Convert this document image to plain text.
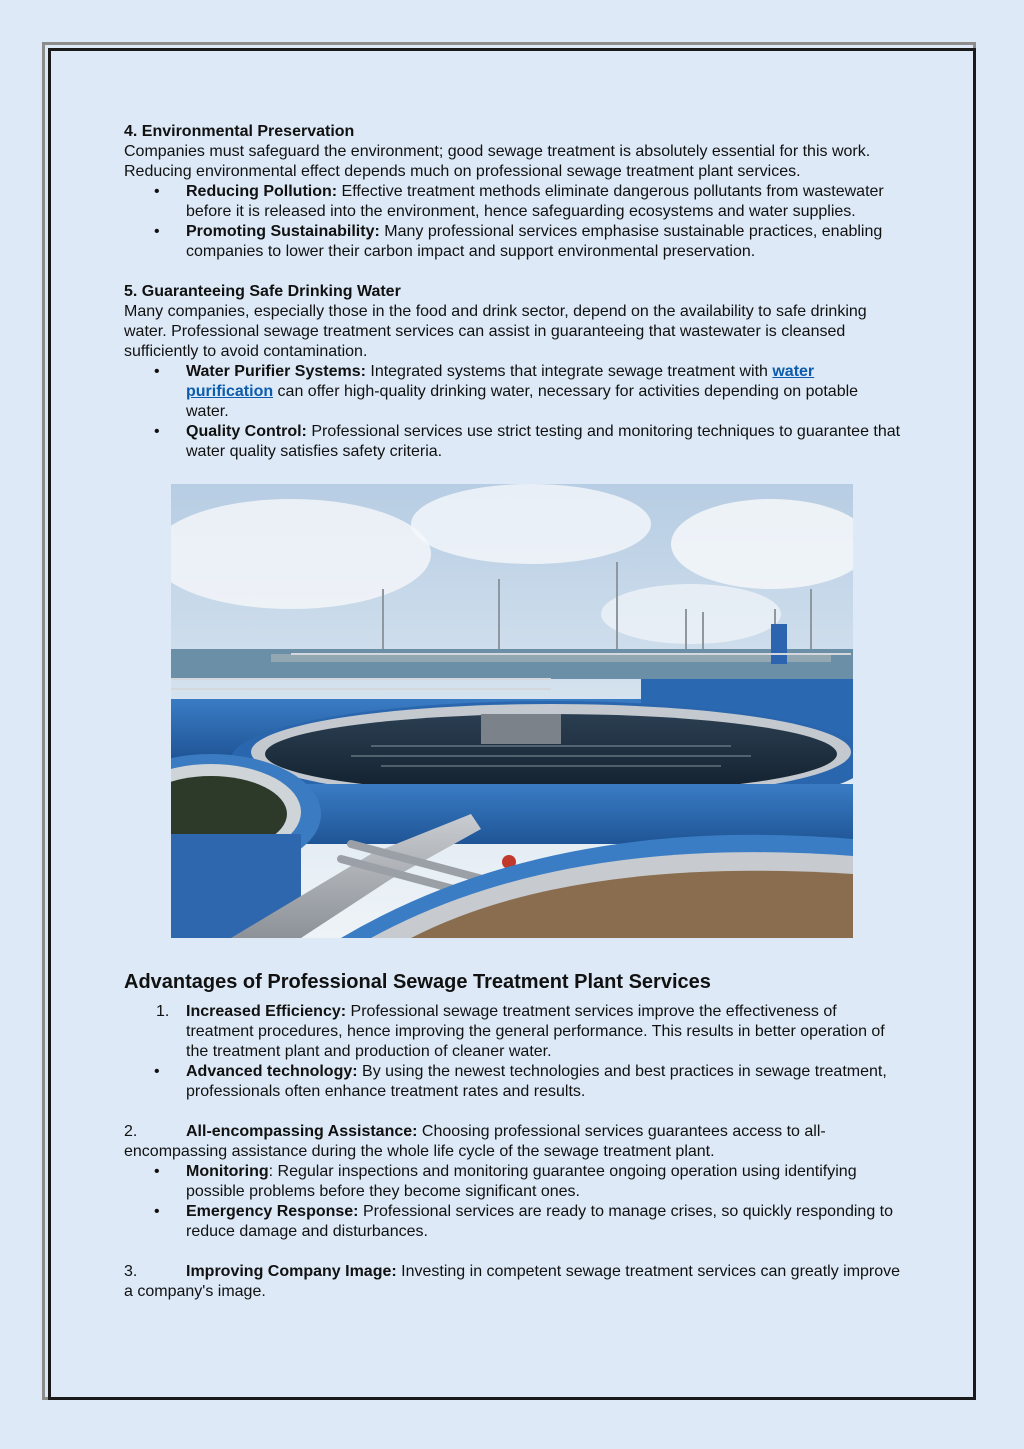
4. Environmental Preservation

Companies must safeguard the environment; good sewage treatment is absolutely essential for this work. Reducing environmental effect depends much on professional sewage treatment plant services.

• Reducing Pollution: Effective treatment methods eliminate dangerous pollutants from wastewater before it is released into the environment, hence safeguarding ecosystems and water supplies.
• Promoting Sustainability: Many professional services emphasise sustainable practices, enabling companies to lower their carbon impact and support environmental preservation.

5. Guaranteeing Safe Drinking Water

Many companies, especially those in the food and drink sector, depend on the availability to safe drinking water. Professional sewage treatment services can assist in guaranteeing that wastewater is cleansed sufficiently to avoid contamination.

• Water Purifier Systems: Integrated systems that integrate sewage treatment with water purification can offer high-quality drinking water, necessary for activities depending on potable water.
• Quality Control: Professional services use strict testing and monitoring techniques to guarantee that water quality satisfies safety criteria.
Advantages of Professional Sewage Treatment Plant Services
1. Increased Efficiency: Professional sewage treatment services improve the effectiveness of treatment procedures, hence improving the general performance. This results in better operation of the treatment plant and production of cleaner water.
• Advanced technology: By using the newest technologies and best practices in sewage treatment, professionals often enhance treatment rates and results.

2.	All-encompassing Assistance: Choosing professional services guarantees access to all-encompassing assistance during the whole life cycle of the sewage treatment plant.

• Monitoring: Regular inspections and monitoring guarantee ongoing operation using identifying possible problems before they become significant ones.
• Emergency Response: Professional services are ready to manage crises, so quickly responding to reduce damage and disturbances.

3.	Improving Company Image: Investing in competent sewage treatment services can greatly improve a company's image.
